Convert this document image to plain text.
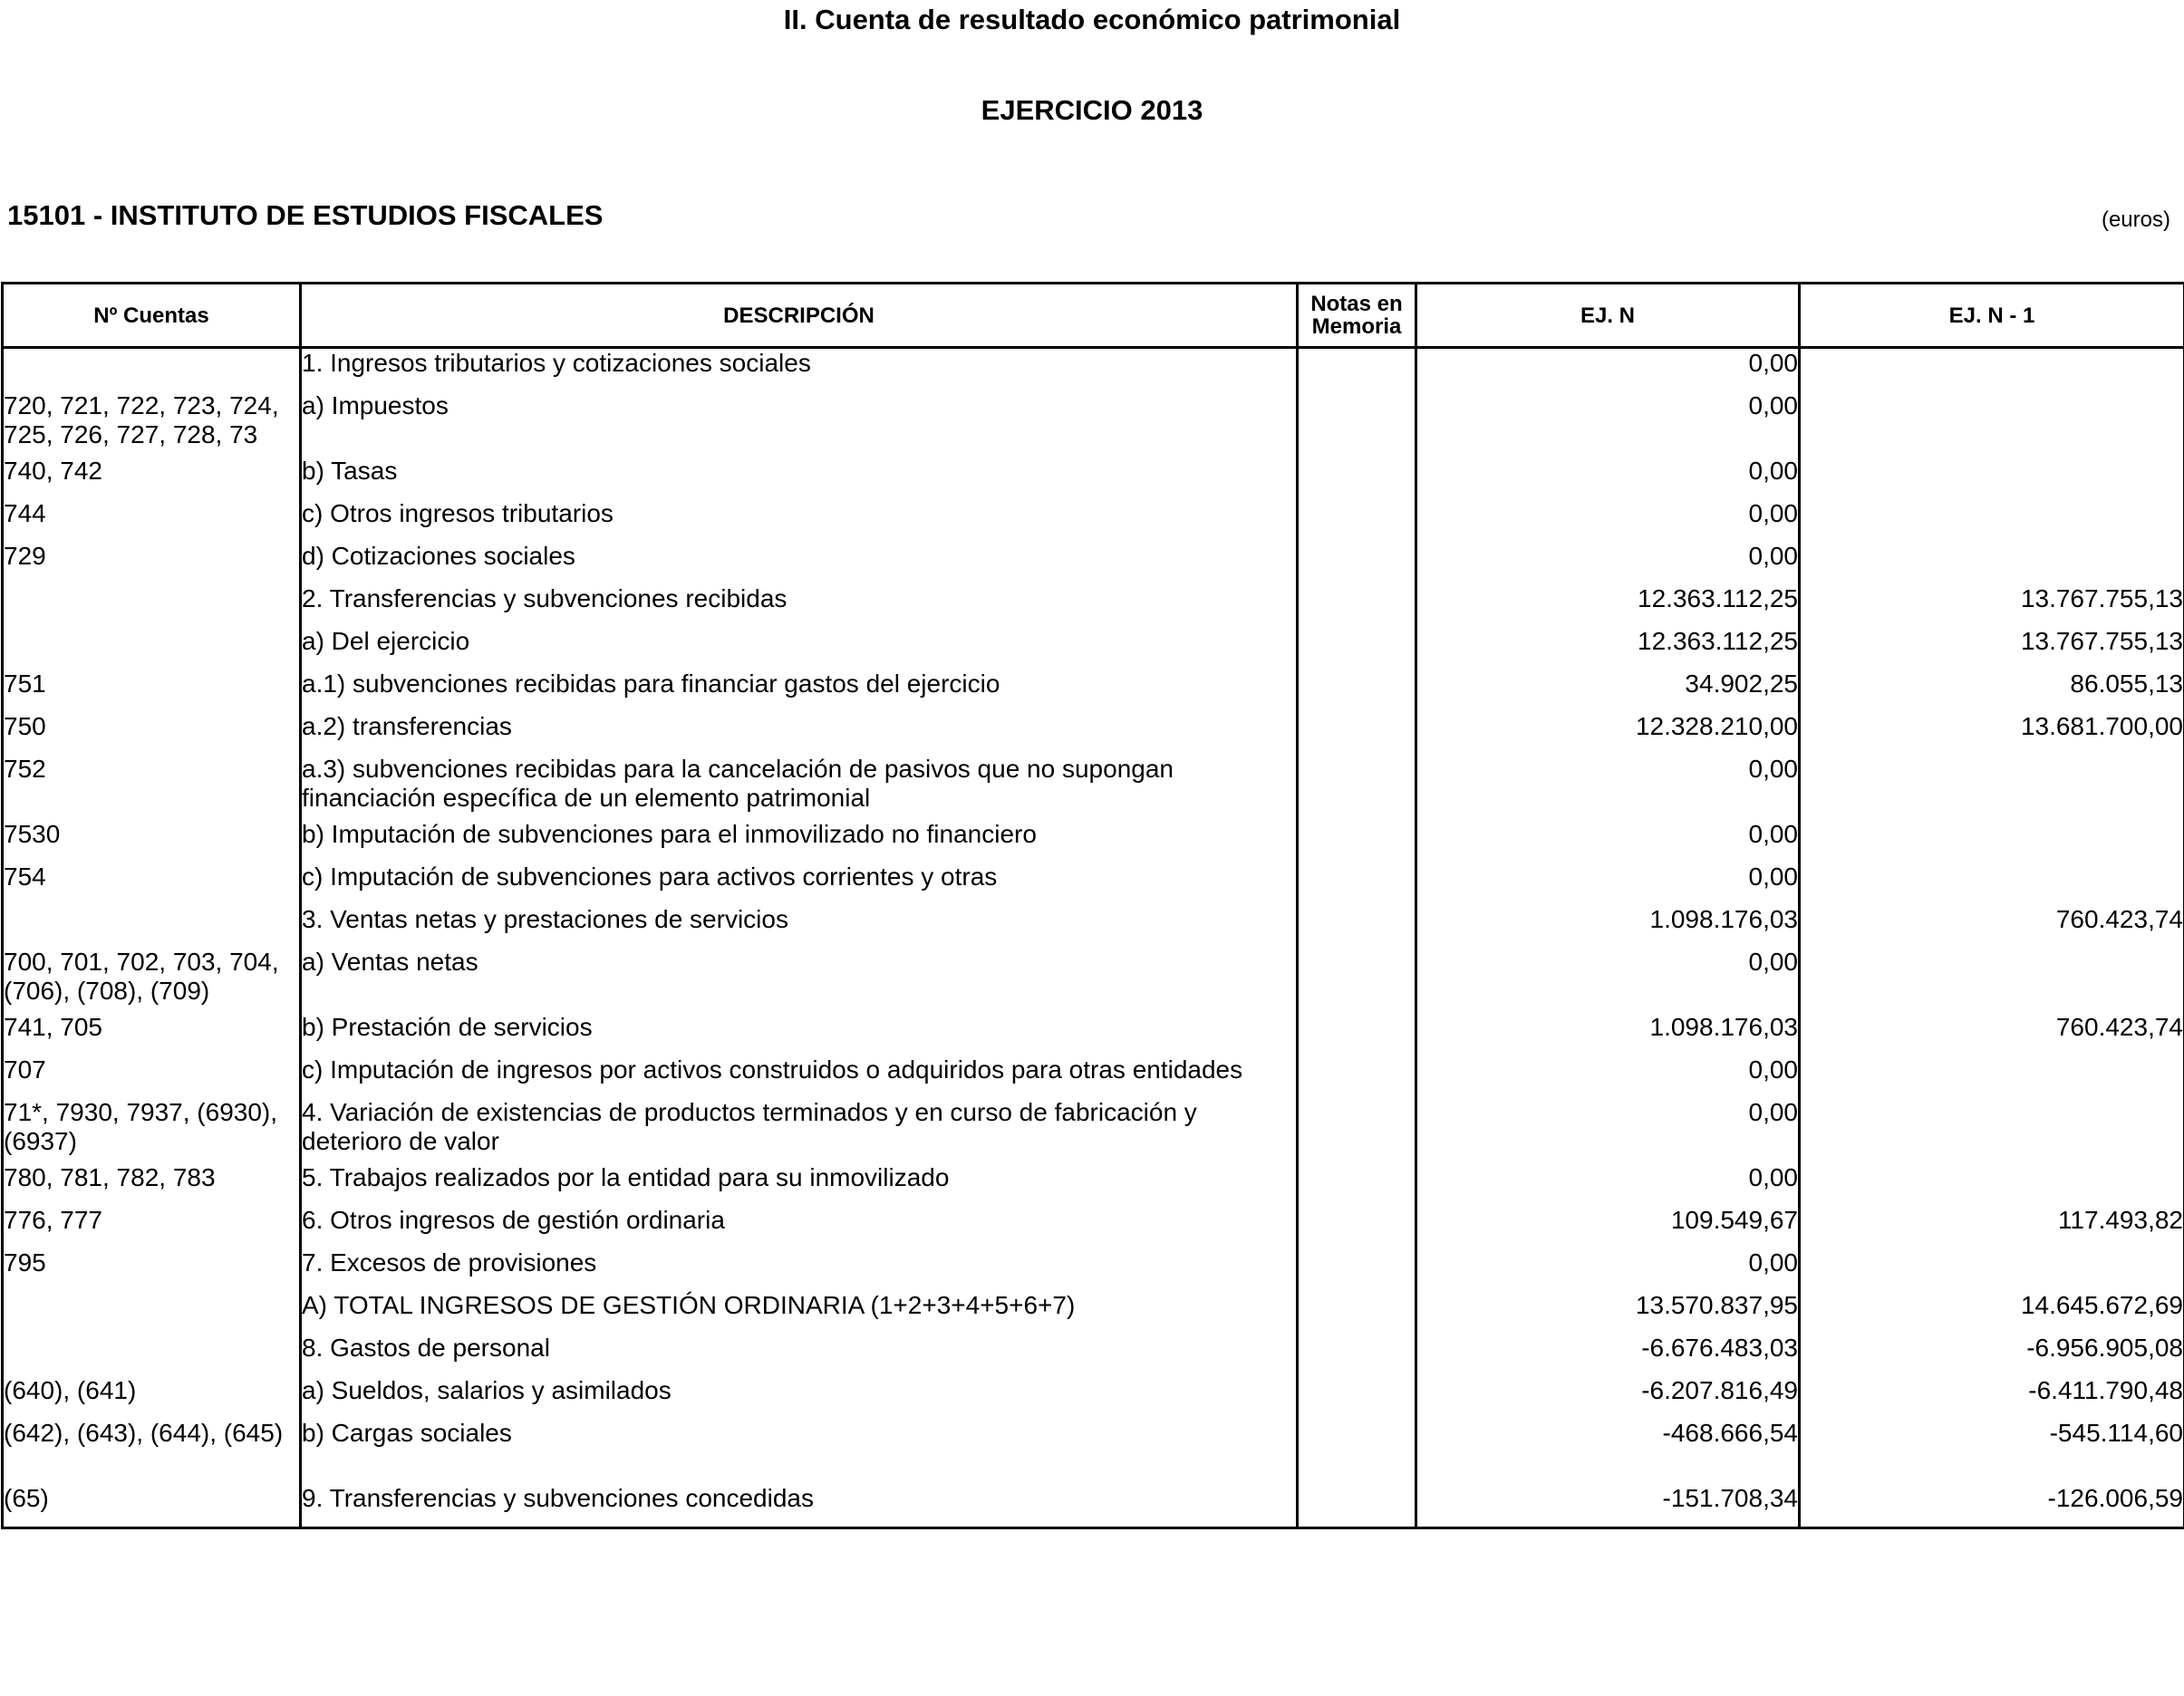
II. Cuenta de resultado económico patrimonial
EJERCICIO 2013
15101 - INSTITUTO DE ESTUDIOS FISCALES	(euros)
Nº Cuentas	DESCRIPCIÓN	Notas en Memoria	EJ. N	EJ. N - 1
	1. Ingresos tributarios y cotizaciones sociales		0,00	
720, 721, 722, 723, 724, 725, 726, 727, 728, 73	a) Impuestos		0,00	
740, 742	b) Tasas		0,00	
744	c) Otros ingresos tributarios		0,00	
729	d) Cotizaciones sociales		0,00	
	2. Transferencias y subvenciones recibidas		12.363.112,25	13.767.755,13
	a) Del ejercicio		12.363.112,25	13.767.755,13
751	a.1) subvenciones recibidas para financiar gastos del ejercicio		34.902,25	86.055,13
750	a.2) transferencias		12.328.210,00	13.681.700,00
752	a.3) subvenciones recibidas para la cancelación de pasivos que no supongan financiación específica de un elemento patrimonial		0,00	
7530	b) Imputación de subvenciones para el inmovilizado no financiero		0,00	
754	c) Imputación de subvenciones para activos corrientes y otras		0,00	
	3. Ventas netas y prestaciones de servicios		1.098.176,03	760.423,74
700, 701, 702, 703, 704, (706), (708), (709)	a) Ventas netas		0,00	
741, 705	b) Prestación de servicios		1.098.176,03	760.423,74
707	c) Imputación de ingresos por activos construidos o adquiridos para otras entidades		0,00	
71*, 7930, 7937, (6930), (6937)	4. Variación de existencias de productos terminados y en curso de fabricación y deterioro de valor		0,00	
780, 781, 782, 783	5. Trabajos realizados por la entidad para su inmovilizado		0,00	
776, 777	6. Otros ingresos de gestión ordinaria		109.549,67	117.493,82
795	7. Excesos de provisiones		0,00	
	A) TOTAL INGRESOS DE GESTIÓN ORDINARIA (1+2+3+4+5+6+7)		13.570.837,95	14.645.672,69
	8. Gastos de personal		-6.676.483,03	-6.956.905,08
(640), (641)	a) Sueldos, salarios y asimilados		-6.207.816,49	-6.411.790,48
(642), (643), (644), (645)	b) Cargas sociales		-468.666,54	-545.114,60
(65)	9. Transferencias y subvenciones concedidas		-151.708,34	-126.006,59
